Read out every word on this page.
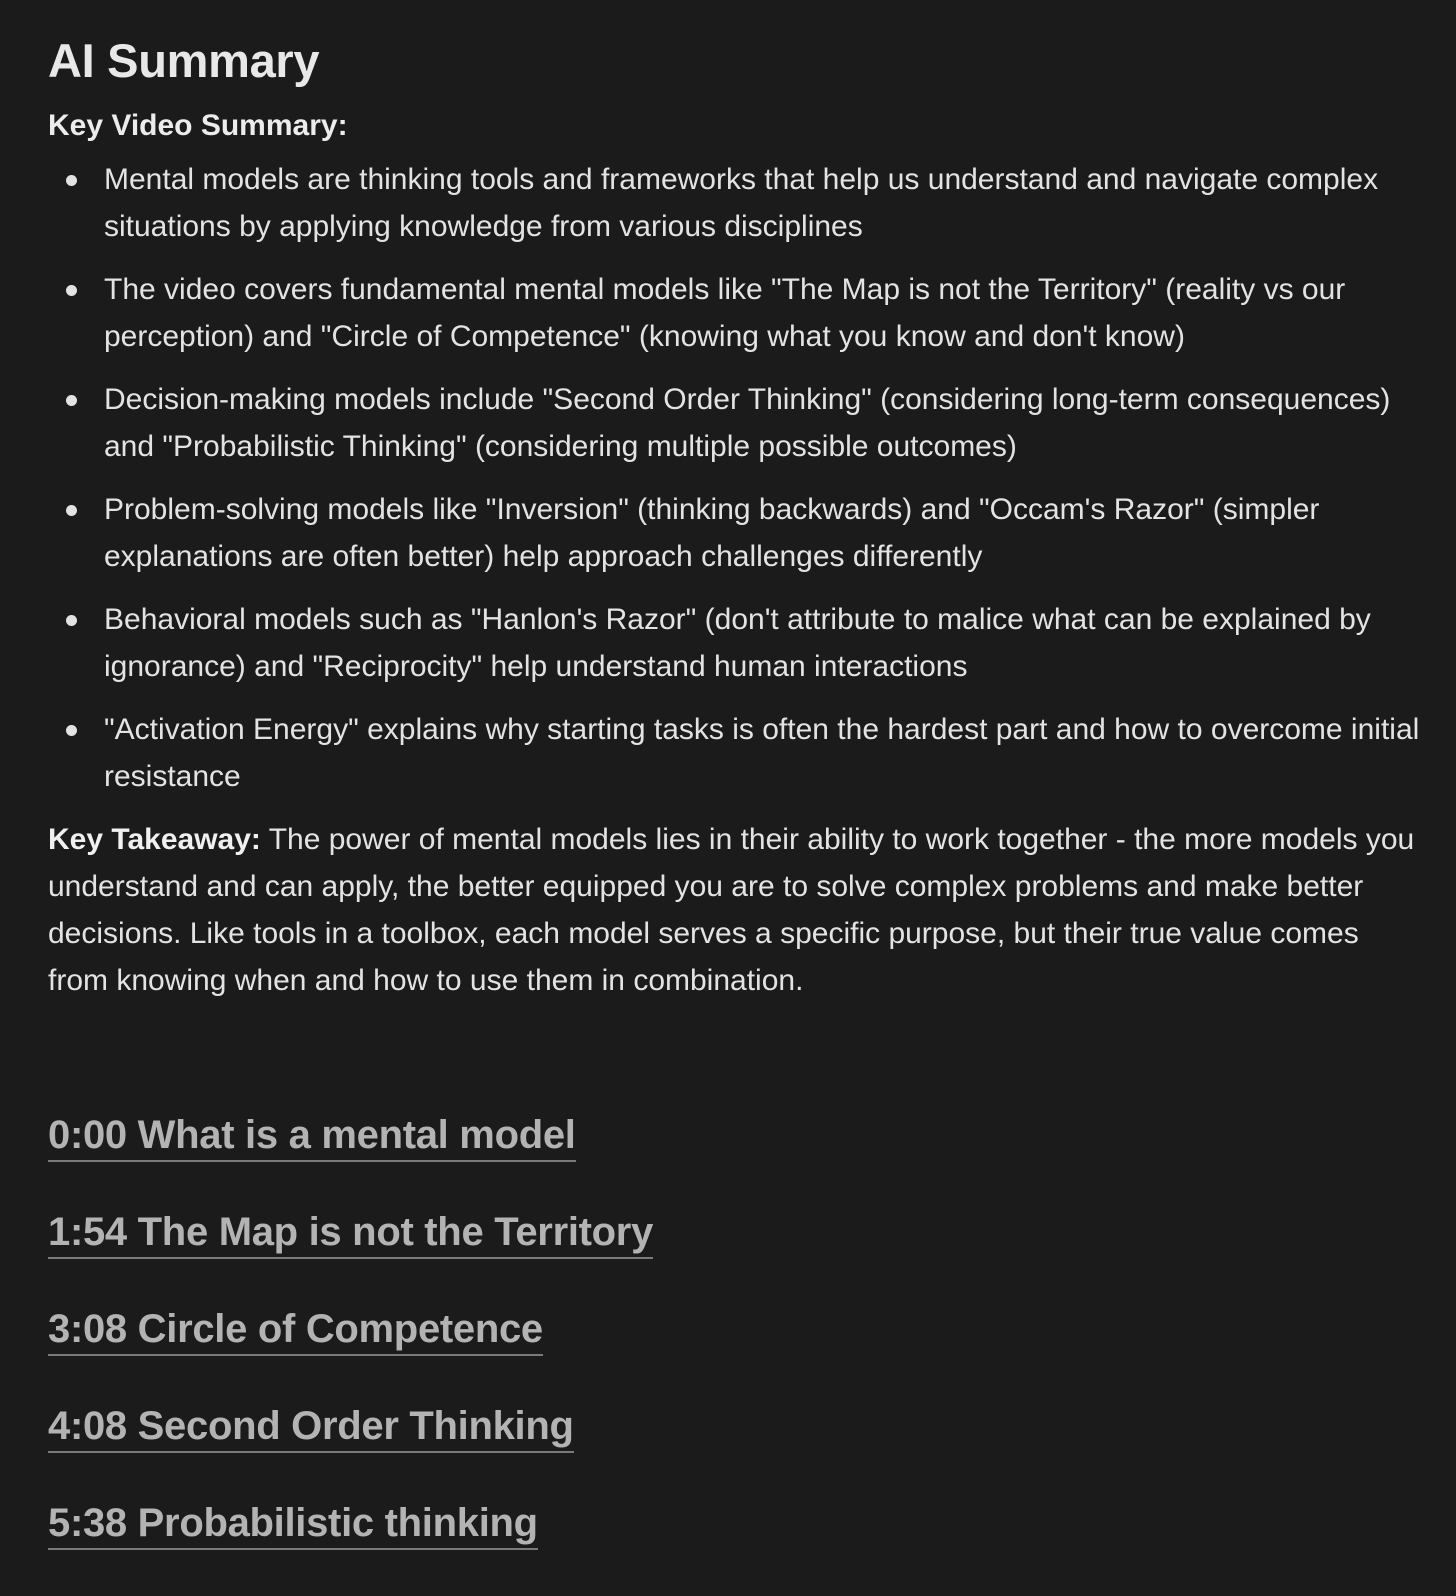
AI Summary
Key Video Summary:
Mental models are thinking tools and frameworks that help us understand and navigate complex situations by applying knowledge from various disciplines
The video covers fundamental mental models like "The Map is not the Territory" (reality vs our perception) and "Circle of Competence" (knowing what you know and don't know)
Decision-making models include "Second Order Thinking" (considering long-term consequences) and "Probabilistic Thinking" (considering multiple possible outcomes)
Problem-solving models like "Inversion" (thinking backwards) and "Occam's Razor" (simpler explanations are often better) help approach challenges differently
Behavioral models such as "Hanlon's Razor" (don't attribute to malice what can be explained by ignorance) and "Reciprocity" help understand human interactions
"Activation Energy" explains why starting tasks is often the hardest part and how to overcome initial resistance

Key Takeaway: The power of mental models lies in their ability to work together - the more models you understand and can apply, the better equipped you are to solve complex problems and make better decisions. Like tools in a toolbox, each model serves a specific purpose, but their true value comes from knowing when and how to use them in combination.

0:00 What is a mental model
1:54 The Map is not the Territory
3:08 Circle of Competence
4:08 Second Order Thinking
5:38 Probabilistic thinking
